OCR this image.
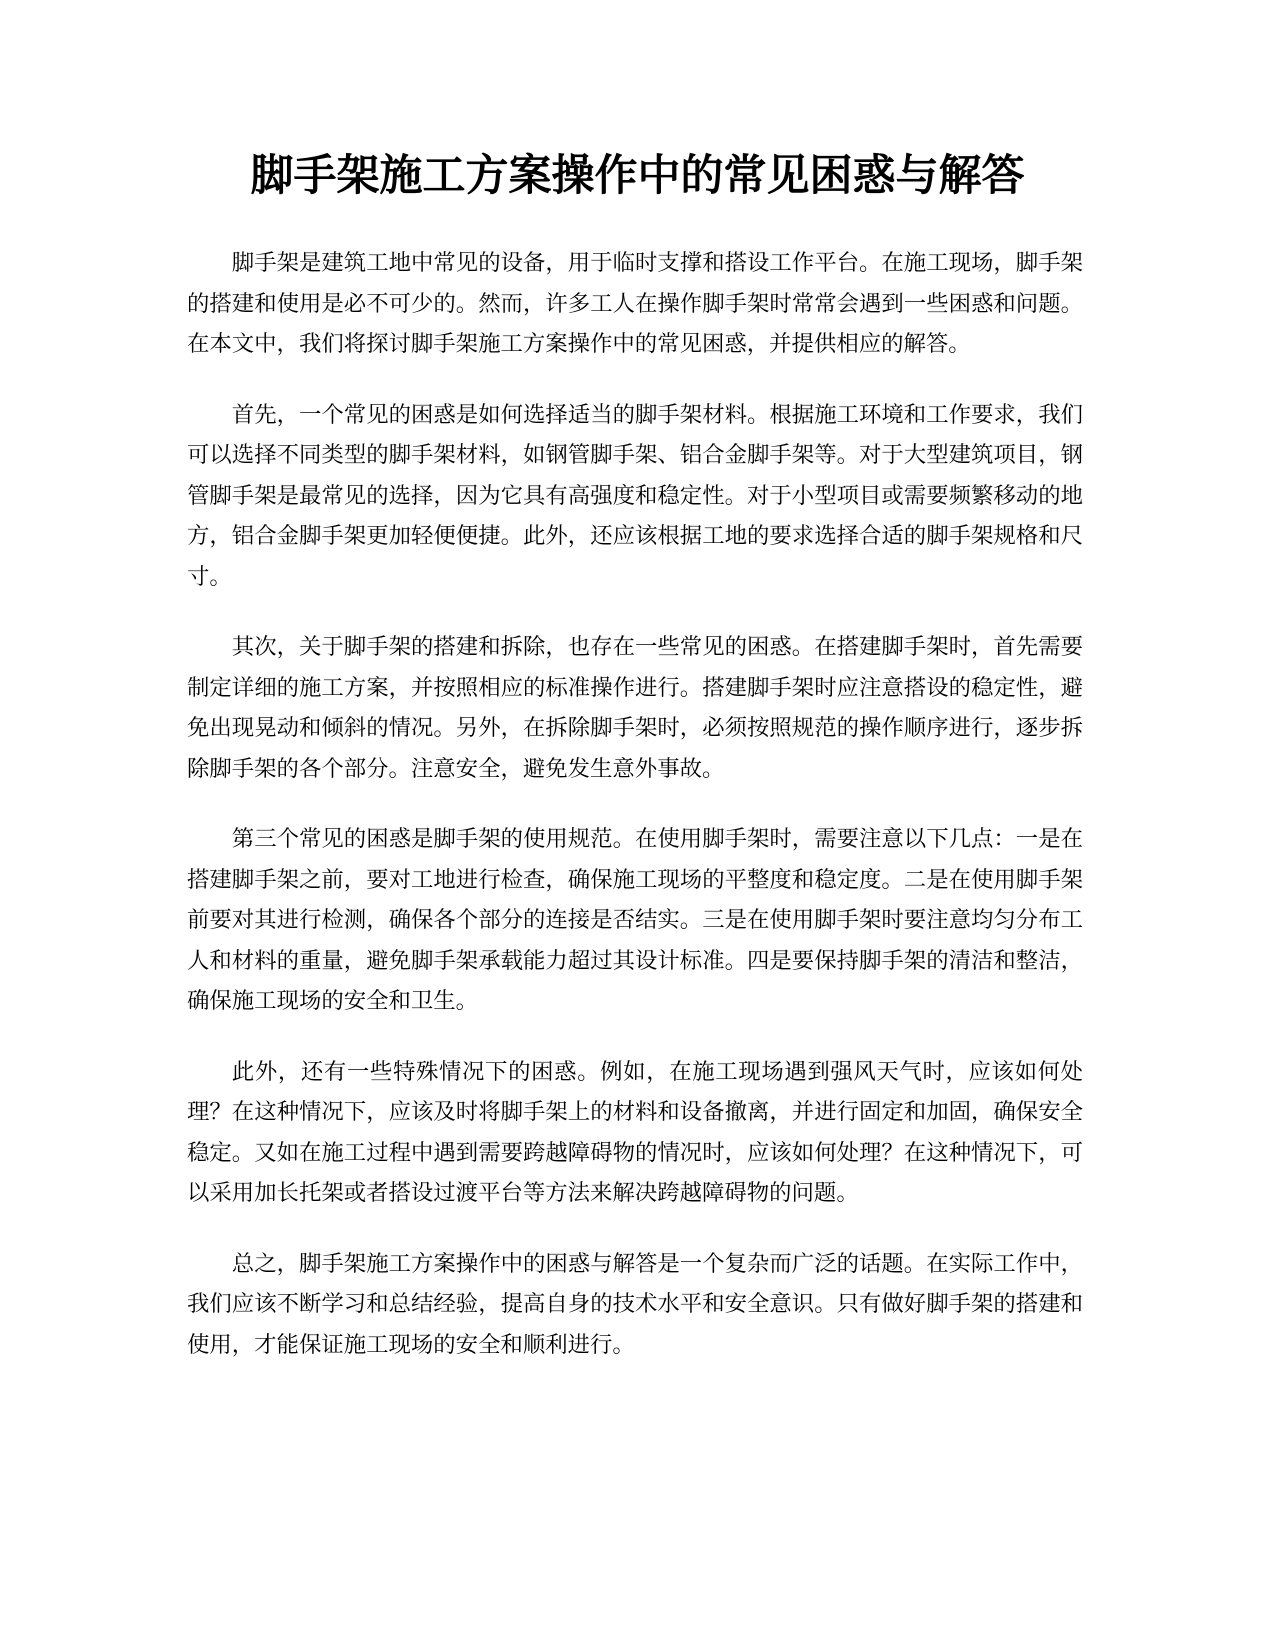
脚手架施工方案操作中的常见困惑与解答

脚手架是建筑工地中常见的设备，用于临时支撑和搭设工作平台。在施工现场，脚手架的搭建和使用是必不可少的。然而，许多工人在操作脚手架时常常会遇到一些困惑和问题。在本文中，我们将探讨脚手架施工方案操作中的常见困惑，并提供相应的解答。

首先，一个常见的困惑是如何选择适当的脚手架材料。根据施工环境和工作要求，我们可以选择不同类型的脚手架材料，如钢管脚手架、铝合金脚手架等。对于大型建筑项目，钢管脚手架是最常见的选择，因为它具有高强度和稳定性。对于小型项目或需要频繁移动的地方，铝合金脚手架更加轻便便捷。此外，还应该根据工地的要求选择合适的脚手架规格和尺寸。

其次，关于脚手架的搭建和拆除，也存在一些常见的困惑。在搭建脚手架时，首先需要制定详细的施工方案，并按照相应的标准操作进行。搭建脚手架时应注意搭设的稳定性，避免出现晃动和倾斜的情况。另外，在拆除脚手架时，必须按照规范的操作顺序进行，逐步拆除脚手架的各个部分。注意安全，避免发生意外事故。

第三个常见的困惑是脚手架的使用规范。在使用脚手架时，需要注意以下几点：一是在搭建脚手架之前，要对工地进行检查，确保施工现场的平整度和稳定度。二是在使用脚手架前要对其进行检测，确保各个部分的连接是否结实。三是在使用脚手架时要注意均匀分布工人和材料的重量，避免脚手架承载能力超过其设计标准。四是要保持脚手架的清洁和整洁，确保施工现场的安全和卫生。

此外，还有一些特殊情况下的困惑。例如，在施工现场遇到强风天气时，应该如何处理？在这种情况下，应该及时将脚手架上的材料和设备撤离，并进行固定和加固，确保安全稳定。又如在施工过程中遇到需要跨越障碍物的情况时，应该如何处理？在这种情况下，可以采用加长托架或者搭设过渡平台等方法来解决跨越障碍物的问题。

总之，脚手架施工方案操作中的困惑与解答是一个复杂而广泛的话题。在实际工作中，我们应该不断学习和总结经验，提高自身的技术水平和安全意识。只有做好脚手架的搭建和使用，才能保证施工现场的安全和顺利进行。
